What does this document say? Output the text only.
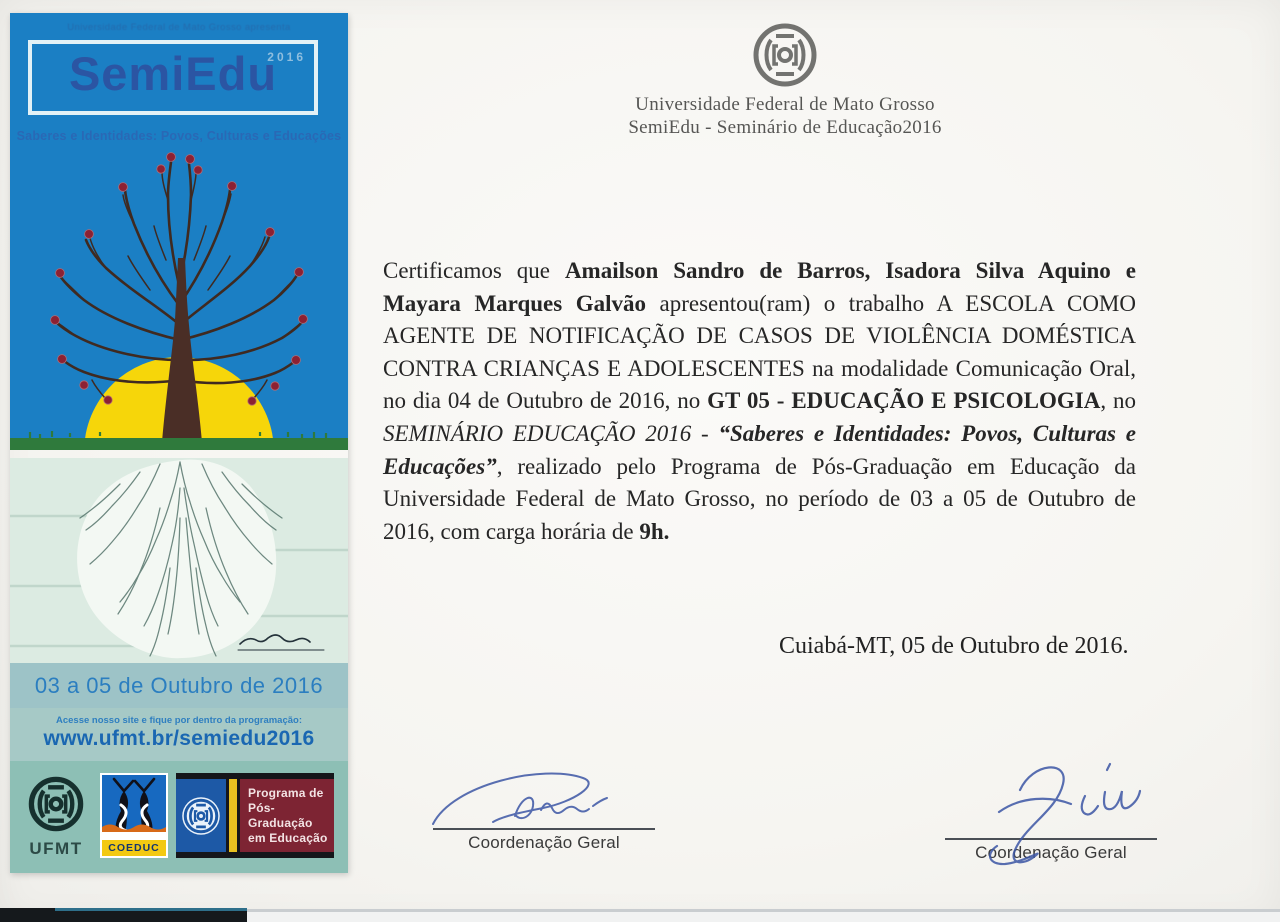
Universidade Federal de Mato Grosso
SemiEdu - Seminário de Educação2016

Certificamos que Amailson Sandro de Barros, Isadora Silva Aquino e Mayara Marques Galvão apresentou(ram) o trabalho A ESCOLA COMO AGENTE DE NOTIFICAÇÃO DE CASOS DE VIOLÊNCIA DOMÉSTICA CONTRA CRIANÇAS E ADOLESCENTES na modalidade Comunicação Oral, no dia 04 de Outubro de 2016, no GT 05 - EDUCAÇÃO E PSICOLOGIA, no SEMINÁRIO EDUCAÇÃO 2016 - “Saberes e Identidades: Povos, Culturas e Educações”, realizado pelo Programa de Pós-Graduação em Educação da Universidade Federal de Mato Grosso, no período de 03 a 05 de Outubro de 2016, com carga horária de 9h.

Cuiabá-MT, 05 de Outubro de 2016.
Coordenação Geral
Coordenação Geral
Universidade Federal de Mato Grosso apresenta
SemiEdu
2016
Saberes e Identidades: Povos, Culturas e Educações
03 a 05 de Outubro de 2016
Acesse nosso site e fique por dentro da programação:
www.ufmt.br/semiedu2016
UFMT	COEDUC
Programa de
Pós-Graduação
em Educação
